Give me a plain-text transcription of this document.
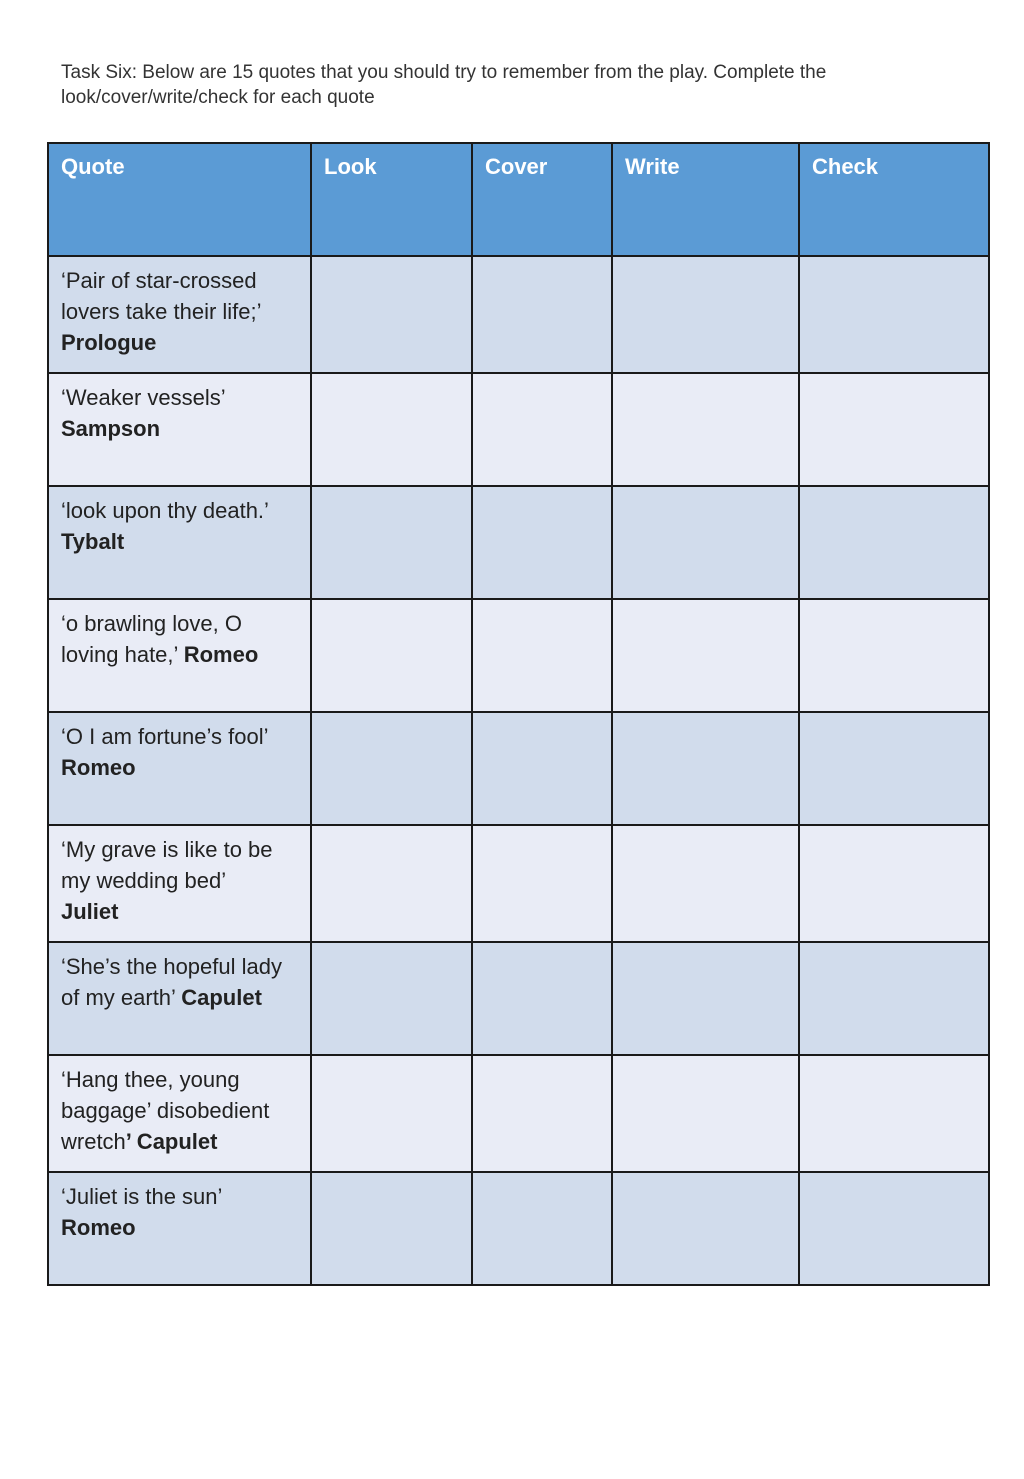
Task Six: Below are 15 quotes that you should try to remember from the play. Complete the look/cover/write/check for each quote
Quote	Look	Cover	Write	Check
‘Pair of star-crossed lovers take their life;’
Prologue				
‘Weaker vessels’
Sampson				
‘look upon thy death.’
Tybalt				
‘o brawling love, O loving hate,’ Romeo				
‘O I am fortune’s fool’
Romeo				
‘My grave is like to be my wedding bed’
Juliet				
‘She’s the hopeful lady of my earth’ Capulet				
‘Hang thee, young baggage’ disobedient wretch’ Capulet				
‘Juliet is the sun’
Romeo				
